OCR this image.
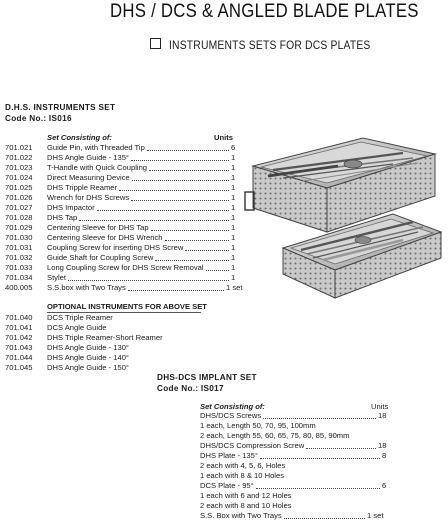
DHS / DCS & ANGLED BLADE PLATES
INSTRUMENTS SETS FOR DCS PLATES
D.H.S. INSTRUMENTS SET
Code No.: IS016
Set Consisting of:	Units
OPTIONAL INSTRUMENTS FOR ABOVE SET
DHS-DCS IMPLANT SET
Code No.: IS017
Set Consisting of:	Units
701.021 Guide Pin, with Threaded Tip	6
701.022 DHS Angle Guide - 135°	1
701.023 T-Handle with Quick Coupling	1
701.024 Direct Measuring Device	1
701.025 DHS Tripple Reamer	1
701.026 Wrench for DHS Screws	1
701.027 DHS Impactor	1
701.028 DHS Tap	1
701.029 Centering Sleeve for DHS Tap	1
701.030 Centering Sleeve for DHS Wrench	1
701.031 Coupling Screw for inserting DHS Screw	1
701.032 Guide Shaft for Coupling Screw	1
701.033 Long Coupling Screw for DHS Screw Removal	1
701.034 Stylet	1
400.005 S.S.box with Two Trays	1 set
701.040 DCS Triple Reamer
701.041 DCS Angle Guide
701.042 DHS Triple Reamer-Short Reamer
701.043 DHS Angle Guide - 130°
701.044 DHS Angle Guide - 140°
701.045 DHS Angle Guide - 150°
DHS/DCS Screws	18
1 each, Length 50, 70, 95, 100mm
2 each, Length 55, 60, 65, 75, 80, 85, 90mm
DHS/DCS Compression Screw	18
DHS Plate - 135°	8
2 each with 4, 5, 6, Holes
1 each with 8 & 10 Holes
DCS Plate - 95°	6
1 each with 6 and 12 Holes
2 each with 8 and 10 Holes
S.S. Box with Two Trays	1 set
